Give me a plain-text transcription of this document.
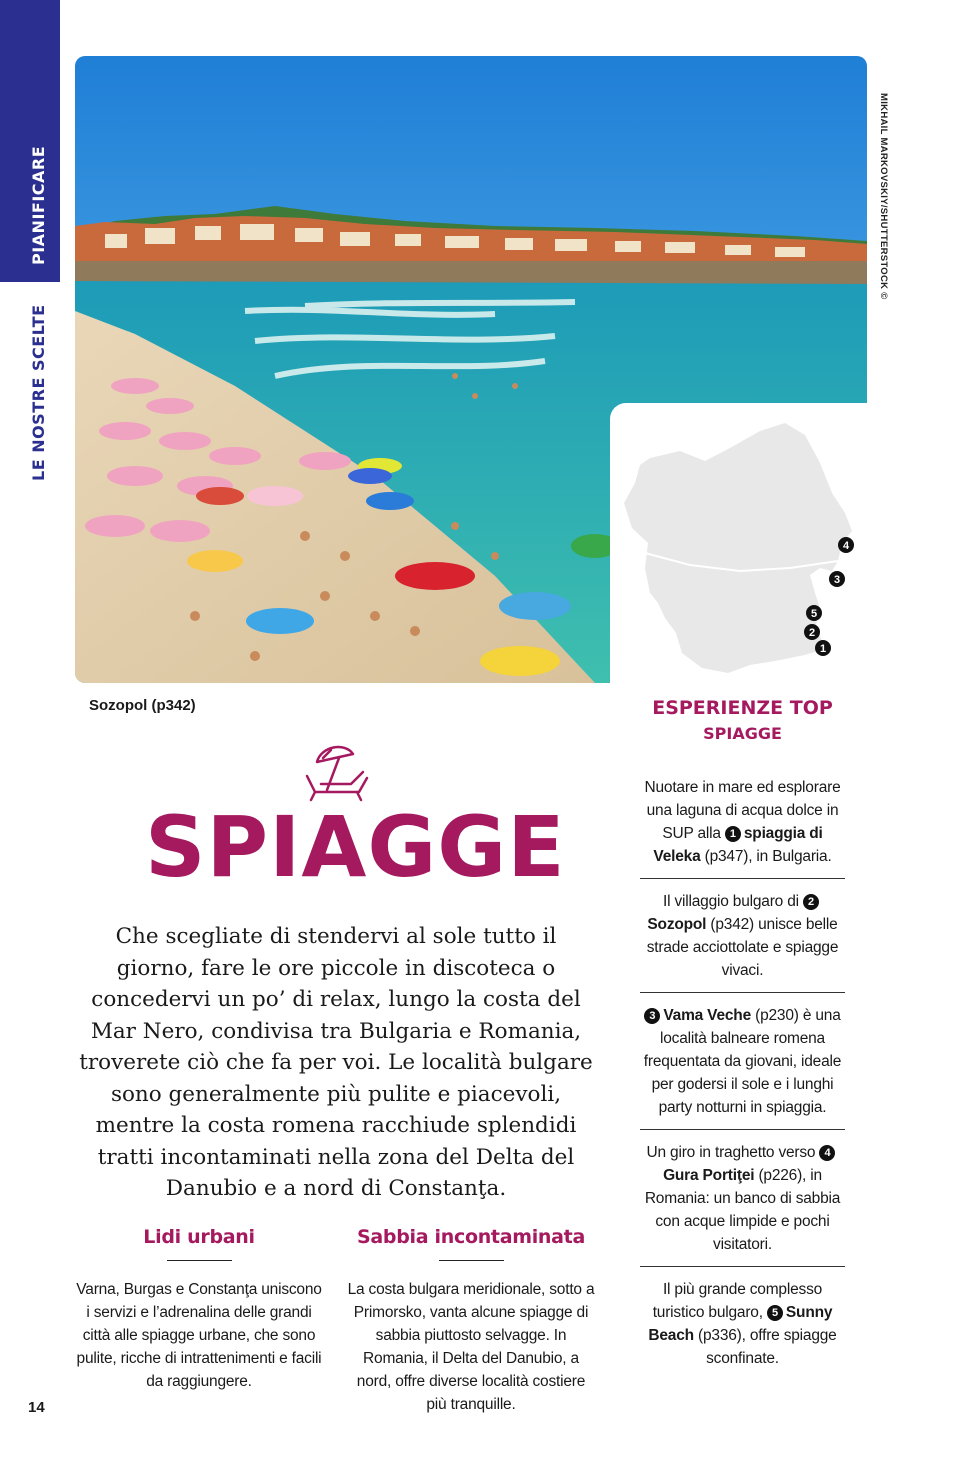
PIANIFICARE
LE NOSTRE SCELTE
MIKHAIL MARKOVSKIY/SHUTTERSTOCK ©
4
3
5
2
1
Sozopol (p342)
SPIAGGE
Che scegliate di stendervi al sole tutto il giorno, fare le ore piccole in discoteca o concedervi un po’ di relax, lungo la costa del Mar Nero, condivisa tra Bulgaria e Romania, troverete ciò che fa per voi. Le località bulgare sono generalmente più pulite e piacevoli, mentre la costa romena racchiude splendidi tratti incontaminati nella zona del Delta del Danubio e a nord di Constanţa.
Lidi urbani

Varna, Burgas e Constanţa uniscono i servizi e l’adrenalina delle grandi città alle spiagge urbane, che sono pulite, ricche di intrattenimenti e facili da raggiungere.

Sabbia incontaminata

La costa bulgara meridionale, sotto a Primorsko, vanta alcune spiagge di sabbia piuttosto selvagge. In Romania, il Delta del Danubio, a nord, offre diverse località costiere più tranquille.

14
ESPERIENZE TOP
SPIAGGE
Nuotare in mare ed esplorare una laguna di acqua dolce in SUP alla 1 spiaggia di Veleka (p347), in Bulgaria.
Il villaggio bulgaro di 2Sozopol (p342) unisce belle strade acciottolate e spiagge vivaci.
3 Vama Veche (p230) è una località balneare romena frequentata da giovani, ideale per godersi il sole e i lunghi party notturni in spiaggia.
Un giro in traghetto verso 4Gura Portiţei (p226), in Romania: un banco di sabbia con acque limpide e pochi visitatori.
Il più grande complesso turistico bulgaro, 5 Sunny Beach (p336), offre spiagge sconfinate.
